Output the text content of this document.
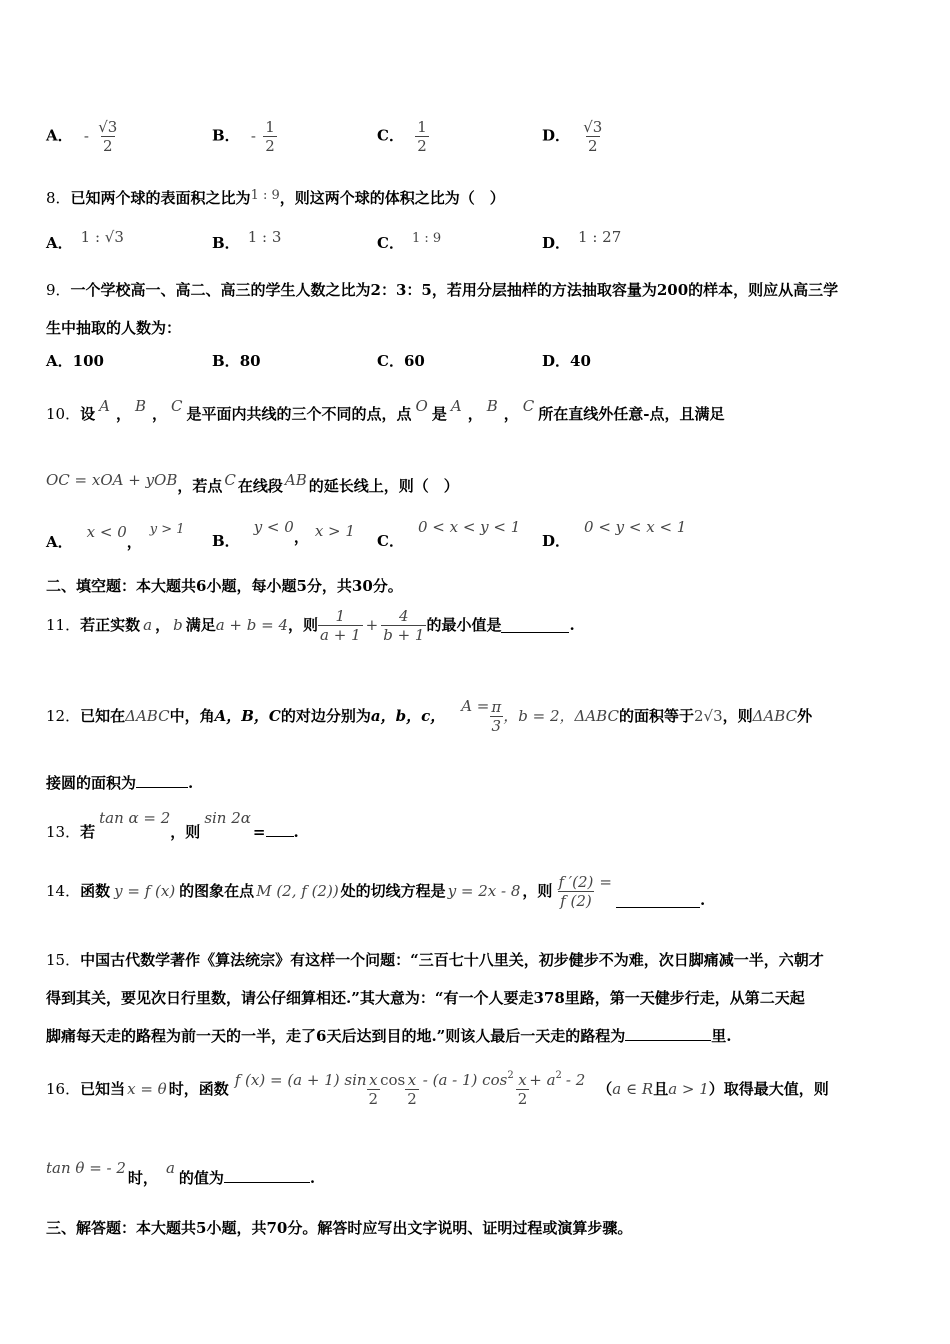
A． - $\frac{√3}{2}$	B． - $\frac{1}{2}$	C． $\frac{1}{2}$	D． $\frac{√3}{2}$
8．已知两个球的表面积之比为1 : 9，则这两个球的体积之比为（　）
A． 1 : √3	B． 1 : 3	C． 1 : 9	D． 1 : 27
9．一个学校高一、高二、高三的学生人数之比为2：3：5，若用分层抽样的方法抽取容量为200的样本，则应从高三学
生中抽取的人数为：
A．100	B．80	C．60	D．40
10．设 A ， B ， C 是平面内共线的三个不同的点，点 O 是 A ， B ， C 所在直线外任意-点，且满足
OC = xOA + yOB，若点 C 在线段 AB 的延长线上，则（　）
A．x < 0，y > 1
B．y < 0， x > 1
C．0 < x < y < 1
D．0 < y < x < 1
二、填空题：本大题共6小题，每小题5分，共30分。
11． 若正实数 a ， b 满足 a + b = 4 ，则 $\frac{1}{a + 1} + \frac{4}{b + 1}$ 的最小值是	.
12． 已知在 ΔABC 中，角 A，B，C 的对边分别为 a，b，c，
$A = \frac{\pi}{3}$ ，b = 2， ΔABC 的面积等于 2√3 ，则 ΔABC 外
接圆的面积为	.
13．若tan α = 2，则sin 2α= .
14． 函数 y = f (x) 的图象在点 M (2, f (2)) 处的切线方程是 y = 2x - 8 ，则 $\frac{f '(2)}{f (2)}$ =
.
15．中国古代数学著作《算法统宗》有这样一个问题：“三百七十八里关，初步健步不为难，次日脚痛减一半，六朝才
得到其关，要见次日行里数，请公仔细算相还.”其大意为：“有一个人要走378里路，第一天健步行走，从第二天起
脚痛每天走的路程为前一天的一半，走了6天后达到目的地.”则该人最后一天走的路程为	里.
16． 已知当 x = θ 时，函数 f (x) = (a + 1) $\sin \frac{x}{2}$ $\cos \frac{x}{2} - (a - 1)$ $\cos 2 \frac{x}{2} + a$ 2 - 2 （ a ∈ R 且 a > 1 ）取得最大值，则
tan θ = - 2时，a的值为	.
三、解答题：本大题共5小题，共70分。解答时应写出文字说明、证明过程或演算步骤。
